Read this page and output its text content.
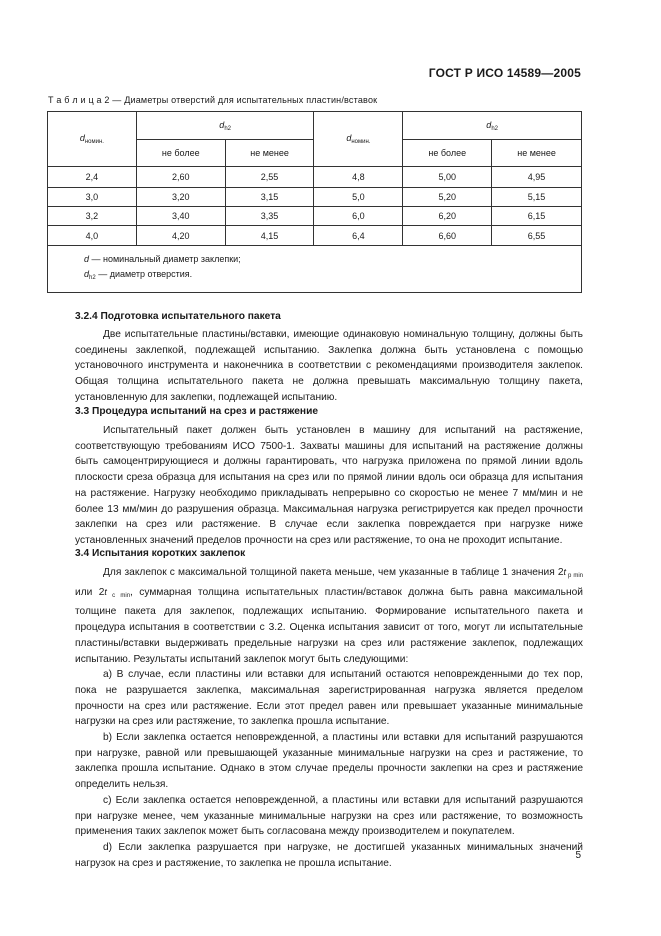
ГОСТ Р ИСО 14589—2005
Т а б л и ц а 2 — Диаметры отверстий для испытательных пластин/вставок
$d_{номин.}$	$d_{h2}$		$d_{номин.}$	$d_{h2}$
	не более	не менее		не более	не менее
2,4	2,60	2,55	4,8	5,00	4,95
3,0	3,20	3,15	5,0	5,20	5,15
3,2	3,40	3,35	6,0	6,20	6,15
4,0	4,20	4,15	6,4	6,60	6,55

d — номинальный диаметр заклепки;
$d_{h2}$ — диаметр отверстия.					
3.2.4 Подготовка испытательного пакета

Две испытательные пластины/вставки, имеющие одинаковую номинальную толщину, должны быть соединены заклепкой, подлежащей испытанию. Заклепка должна быть установлена с помощью установочного инструмента и наконечника в соответствии с рекомендациями производителя заклепок. Общая толщина испытательного пакета не должна превышать максимальную толщину пакета, установленную для заклепки, подлежащей испытанию.

3.3 Процедура испытаний на срез и растяжение

Испытательный пакет должен быть установлен в машину для испытаний на растяжение, соответствующую требованиям ИСО 7500-1. Захваты машины для испытаний на растяжение должны быть самоцентрирующиеся и должны гарантировать, что нагрузка приложена по прямой линии вдоль плоскости среза образца для испытания на срез или по прямой линии вдоль оси образца для испытания на растяжение. Нагрузку необходимо прикладывать непрерывно со скоростью не менее 7 мм/мин и не более 13 мм/мин до разрушения образца. Максимальная нагрузка регистрируется как предел прочности заклепки на срез или растяжение. В случае если заклепка повреждается при нагрузке ниже установленных значений пределов прочности на срез или растяжение, то она не проходит испытание.

3.4 Испытания коротких заклепок

Для заклепок с максимальной толщиной пакета меньше, чем указанные в таблице 1 значения 2t $_{p min}$ или 2t $_{c min}$, суммарная толщина испытательных пластин/вставок должна быть равна максимальной толщине пакета для заклепок, подлежащих испытанию. Формирование испытательного пакета и процедура испытания в соответствии с 3.2. Оценка испытания зависит от того, могут ли испытательные пластины/вставки выдерживать предельные нагрузки на срез или растяжение заклепок, подлежащих испытанию. Результаты испытаний заклепок могут быть следующими:

a) В случае, если пластины или вставки для испытаний остаются неповрежденными до тех пор, пока не разрушается заклепка, максимальная зарегистрированная нагрузка является пределом прочности на срез или растяжение. Если этот предел равен или превышает указанные минимальные нагрузки на срез или растяжение, то заклепка прошла испытание.

b) Если заклепка остается неповрежденной, а пластины или вставки для испытаний разрушаются при нагрузке, равной или превышающей указанные минимальные нагрузки на срез и растяжение, то заклепка прошла испытание. Однако в этом случае пределы прочности заклепки на срез и растяжение определить нельзя.

c) Если заклепка остается неповрежденной, а пластины или вставки для испытаний разрушаются при нагрузке менее, чем указанные минимальные нагрузки на срез или растяжение, то возможность применения таких заклепок может быть согласована между производителем и покупателем.

d) Если заклепка разрушается при нагрузке, не достигшей указанных минимальных значений нагрузок на срез и растяжение, то заклепка не прошла испытание.

5
